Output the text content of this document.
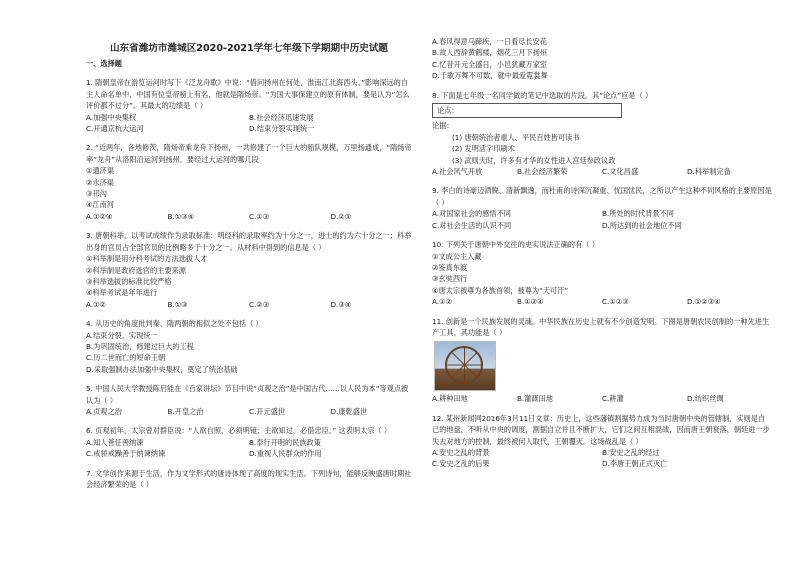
山东省潍坊市潍城区2020-2021学年七年级下学期期中历史试题
一、选择题
1. 隋朝皇帝在游览运河时写下《泛龙舟歌》中说：“借问扬州在何处，淮南江北海西头。”影响深远的自主人命名单中，中国有位皇帝榜上有名，他就是隋炀帝。“为国大事保建立的原有体制，要是认为“怎么评价都不过分”。其最大的功绩是（ ）
A.加强中央集权	B.社会经济迅速发展
C.开通京杭大运河	D.结束分裂实现统一
2. “近两年，各地修茨，隋炀帝乘龙舟下扬州，一共修建了一个巨大的船队规模，万里扬通成，“隋炀帝率“龙舟”从洛阳沿运河到扬州，要经过大运河的哪几段
①通济渠
②永济渠
③邗沟
④江南河
A.①②④	B.①③④	C.①③	D.②③
3. 唐朝科举，以考试成绩作为录取标准：明经科的录取率约为十分之一，进士的约为六十分之一；科举出身的官员占全部官员的比例略多于十分之一。从材料中得到的信息是（ ）
①科举制是用分科考试的方法选拔人才
②科举制是政府选官的主要来源
③科举选拔的标准比较严格
④科举考试是年年进行
A.①②	B.①③	C.②③	D.③④
4. 从历史的角度批判秦、隋两朝的相似之处不包括（ ）
A.结束分裂，实现统一
B.为巩固统治，修建过巨大的工程
C.历二世而亡的短命王朝
D.采取强制办法加强中央集权，奠定了统治基础
5. 中国人民大学教授陈启能在《百家讲坛》节目中说“贞观之治”是中国古代……以人民为本”等观点被认为（ ）
A.贞观之治	B.开皇之治	C.开元盛世	D.康乾盛世
6. 贞观初年，太宗曾对群臣说：“人欲自照，必须明镜；主欲知过，必借忠臣。” 这表明太宗（ ）
A.知人善任善纳谏	B.奉行开明的民族政策
C.戒骄戒躁善于纳谏纳谏	D.重视人民群众的作用
7. 文学创作来源于生活，作为文学形式的唐诗体现了高度的现实生活。下列诗句，能够反映盛唐时期社会经济繁荣的是（ ）
A.春风得意马蹄疾，一日看尽长安花
B.故人西辞黄鹤楼，烟花三月下扬州
C.忆昔开元全盛日，小邑犹藏万家室
D.千歌万舞不可数，就中最爱霓裳舞
8. 下面是七年级一名同学做的笔记中选取的片段。其“论点”应是（ ）
论点：
论据：
(1) 唐朝统治者重人、平民百姓皆可读书
(2) 发明活字印刷术
(3) 武则天时，许多有才华的女性进入宫廷参政议政
A.社会风气开放	B.社会经济繁荣	C.文化昌盛	D.科举制完备
9. 李白的诗豪迈洒脱、清新飘逸，而杜甫的诗深沉凝重、忧国忧民，之所以产生这种不同风格的主要原因是（ ）
A.对国家社会的感悟不同	B.所处的时代背景不同
C.对社会生活的认识不同	D.所达到的社会地位不同
10. 下列关于唐朝中外交往的史实说法正确的有（ ）
①文成公主入藏
②鉴真东渡
③玄奘西行
④唐太宗被尊为各族首领，被尊为“天可汗”
A.①②	B.①③④	C.①②③	D.①②③④
11. 创新是一个民族发展的灵魂。中华民族在历史上就有不少创造发明。下图是唐朝农民创制的一种先进生产工具，其功能是（ ）
A.耕种田地	B.灌溉田地	C.耕灌	D.纺织丝绸
12. 某州新闻网2016年3月11日文章：历史上，这些藩镇割据势力成为当时唐朝中央的管辖制，实则是自己的地盘，不听从中央的调度，割据自立并且不断扩大，它们之间互相混战，因而唐王朝衰落，朝廷进一步失去对地方的控制，最终被何人取代，王朝覆灭。这场战乱是（ ）
A.安史之乱的背景	B.安史之乱的经过
C.安史之乱的后果	D.李唐王朝正式灭亡
